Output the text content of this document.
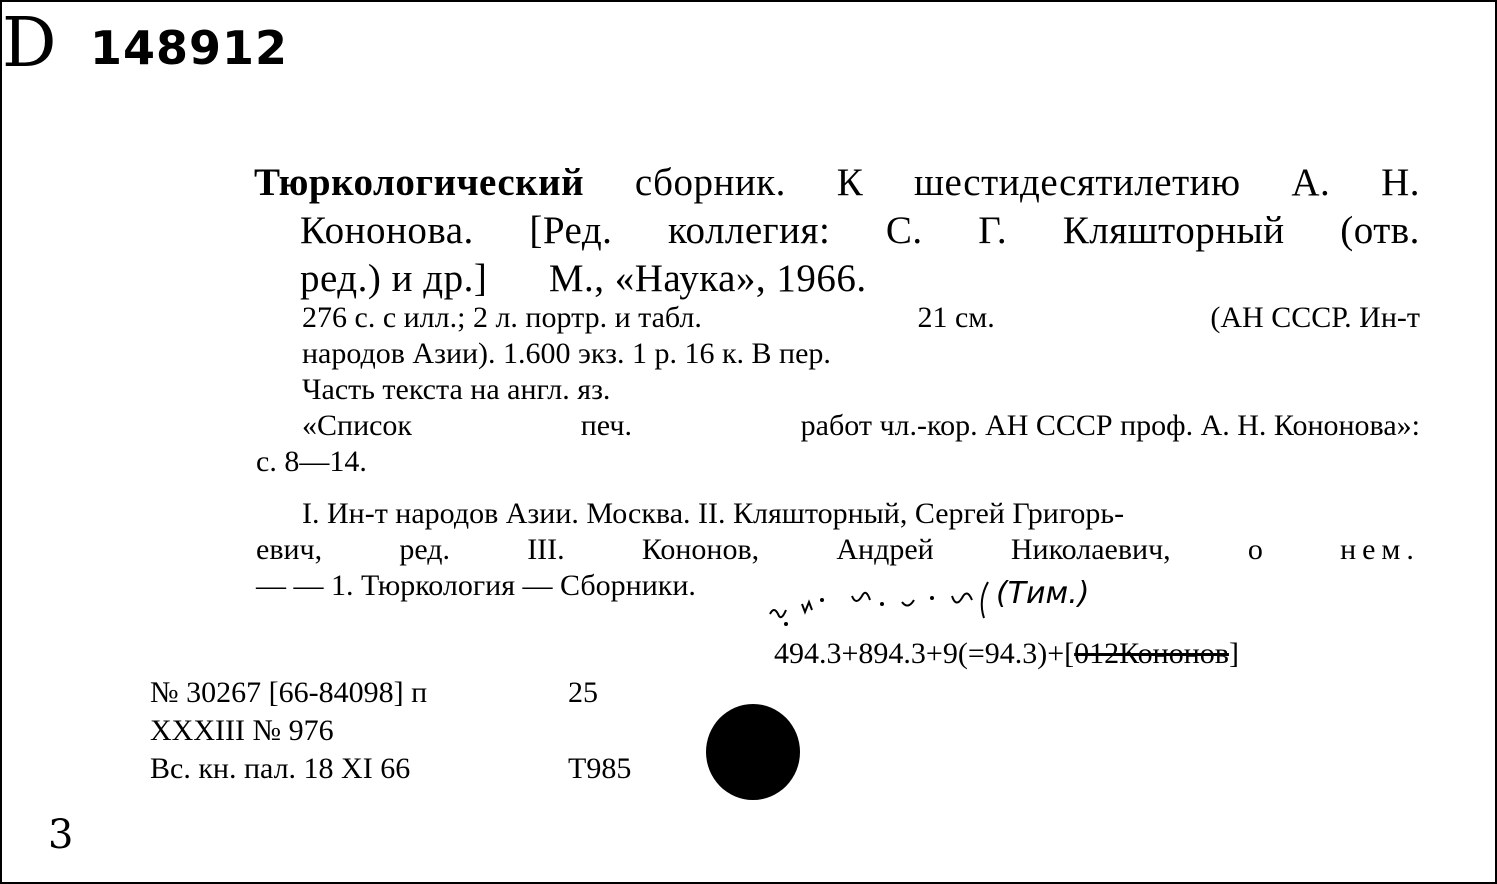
D 148912
Тюркологический сборник. К шестидесятилетию А. Н.
Кононова. [Ред. коллегия: С. Г. Кляшторный (отв.
ред.) и др.]      М., «Наука», 1966.
276 с. с илл.; 2 л. портр. и табл.	21 см.	(АН СССР. Ин-т
народов Азии). 1.600 экз. 1 р. 16 к. В пер.
Часть текста на англ. яз.
«Список	печ.	работ чл.-кор. АН СССР проф. А. Н. Кононова»:
с. 8—14.
I. Ин-т народов Азии. Москва. II. Кляшторный, Сергей Григорь-
евич,	ред.	III.	Кононов,	Андрей	Николаевич,	о	нем.
— — 1. Тюркология — Сборники.	(Тим.)
494.3+894.3+9(=94.3)+[012Кононов]
№ 30267 [66-84098] п	25
XXXIII № 976
Вс. кн. пал. 18 XI 66	T985
3
